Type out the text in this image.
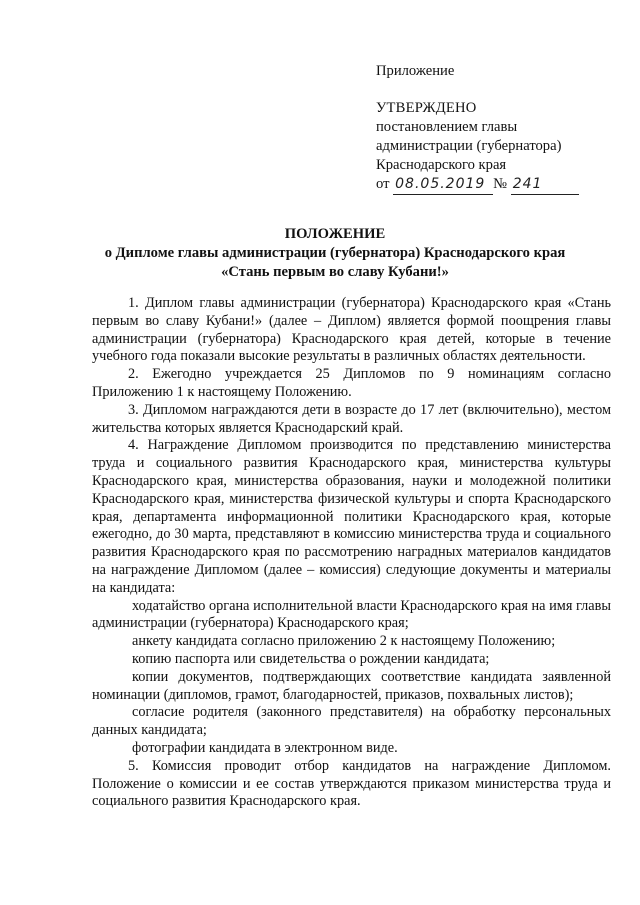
Приложение
УТВЕРЖДЕНО
постановлением главы
администрации (губернатора)
Краснодарского края
от 08.05.2019 № 241
ПОЛОЖЕНИЕ
о Дипломе главы администрации (губернатора) Краснодарского края
«Стань первым во славу Кубани!»

1. Диплом главы администрации (губернатора) Краснодарского края «Стань первым во славу Кубани!» (далее – Диплом) является формой поощрения главы администрации (губернатора) Краснодарского края детей, которые в течение учебного года показали высокие результаты в различных областях деятельности.

2. Ежегодно учреждается 25 Дипломов по 9 номинациям согласно Приложению 1 к настоящему Положению.

3. Дипломом награждаются дети в возрасте до 17 лет (включительно), местом жительства которых является Краснодарский край.

4. Награждение Дипломом производится по представлению министерства труда и социального развития Краснодарского края, министерства культуры Краснодарского края, министерства образования, науки и молодежной политики Краснодарского края, министерства физической культуры и спорта Краснодарского края, департамента информационной политики Краснодарского края, которые ежегодно, до 30 марта, представляют в комиссию министерства труда и социального развития Краснодарского края по рассмотрению наградных материалов кандидатов на награждение Дипломом (далее – комиссия) следующие документы и материалы на кандидата:

ходатайство органа исполнительной власти Краснодарского края на имя главы администрации (губернатора) Краснодарского края;

анкету кандидата согласно приложению 2 к настоящему Положению;

копию паспорта или свидетельства о рождении кандидата;

копии документов, подтверждающих соответствие кандидата заявленной номинации (дипломов, грамот, благодарностей, приказов, похвальных листов);

согласие родителя (законного представителя) на обработку персональных данных кандидата;

фотографии кандидата в электронном виде.

5. Комиссия проводит отбор кандидатов на награждение Дипломом. Положение о комиссии и ее состав утверждаются приказом министерства труда и социального развития Краснодарского края.
